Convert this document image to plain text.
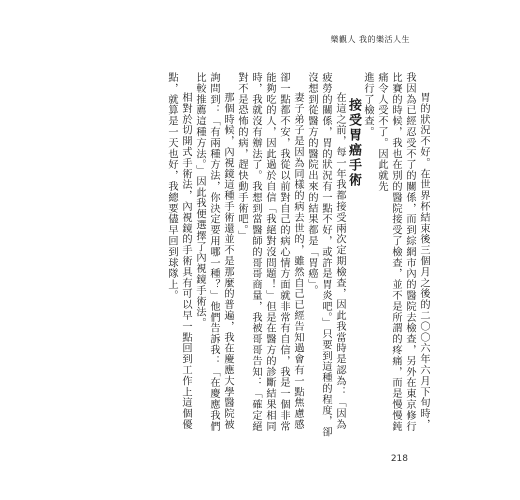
樂觀人 我的樂活人生

胃的狀況不好。在世界杯結束後三個月之後的二〇〇六年六月下旬時，我因為已經忍受不了的關係，而到綜網市內的醫院去檢查，另外在東京修行比賽的時候，我也在別的醫院接受了檢查，並不是所謂的疼痛，而是慢慢鈍痛令人受不了。因此就先

進行了檢查。

接受胃癌手術

在這之前，每一年我都接受兩次定期檢查，因此我當時是認為：「因為疲勞的關係，胃的狀況有一點不好，或許是胃炎吧。」只要到這種的程度，卻沒想到從醫方的醫院出來的結果都是「胃癌」。

妻子弟子是因為同樣的病去世的，雖然自己已經告知過會有一點焦慮感卻一點都不安，我從以前對自己的病心情方面就非常有自信，我是一個非常能夠吃的人，因此過於自信「我絕對沒問題！」但是在醫方的診斷結果相同時，我就沒有辦法了。我想到當醫師的哥哥商量，我被哥哥告知：「確定絕對不是恐怖的病，趕快動手術吧。」

那個時候，內視鏡這種手術還並不是那麼的普遍，我在慶應大學醫院被詢問到：「有兩種方法，你決定要用哪一種？」他們告訴我：「在慶應我們比較推薦這種方法。」因此我便選擇了內視鏡手術法。

相對於切開式手術法，內視鏡的手術具有可以早一點回到工作上這個優點，就算是一天也好，我總要儘早回到球隊上。

218
